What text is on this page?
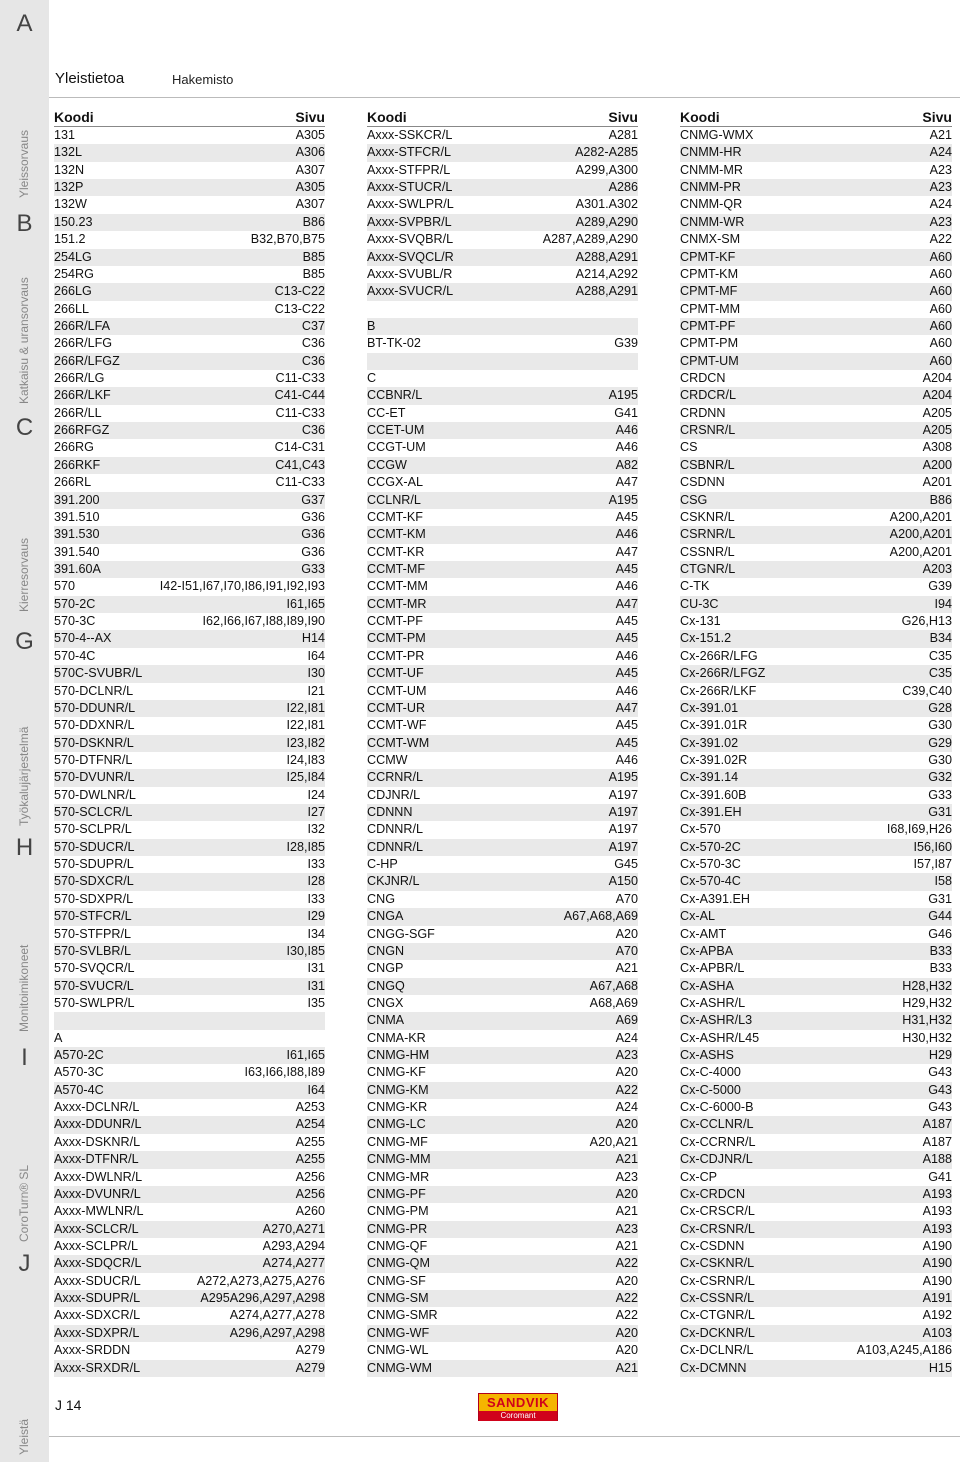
A
B
Yleissorvaus
C
Katkaisu & uransorvaus
G
Kierresorvaus
H
Työkalujärjestelmä
I
Monitoimikoneet
J
CoroTurn® SL
Yleistä
Yleistietoa	Hakemisto
Koodi	Sivu
131	A305
132L	A306
132N	A307
132P	A305
132W	A307
150.23	B86
151.2	B32,B70,B75
254LG	B85
254RG	B85
266LG	C13-C22
266LL	C13-C22
266R/LFA	C37
266R/LFG	C36
266R/LFGZ	C36
266R/LG	C11-C33
266R/LKF	C41-C44
266R/LL	C11-C33
266RFGZ	C36
266RG	C14-C31
266RKF	C41,C43
266RL	C11-C33
391.200	G37
391.510	G36
391.530	G36
391.540	G36
391.60A	G33
570	I42-I51,I67,I70,I86,I91,I92,I93
570-2C	I61,I65
570-3C	I62,I66,I67,I88,I89,I90
570-4--AX	H14
570-4C	I64
570C-SVUBR/L	I30
570-DCLNR/L	I21
570-DDUNR/L	I22,I81
570-DDXNR/L	I22,I81
570-DSKNR/L	I23,I82
570-DTFNR/L	I24,I83
570-DVUNR/L	I25,I84
570-DWLNR/L	I24
570-SCLCR/L	I27
570-SCLPR/L	I32
570-SDUCR/L	I28,I85
570-SDUPR/L	I33
570-SDXCR/L	I28
570-SDXPR/L	I33
570-STFCR/L	I29
570-STFPR/L	I34
570-SVLBR/L	I30,I85
570-SVQCR/L	I31
570-SVUCR/L	I31
570-SWLPR/L	I35
A
A570-2C	I61,I65
A570-3C	I63,I66,I88,I89
A570-4C	I64
Axxx-DCLNR/L	A253
Axxx-DDUNR/L	A254
Axxx-DSKNR/L	A255
Axxx-DTFNR/L	A255
Axxx-DWLNR/L	A256
Axxx-DVUNR/L	A256
Axxx-MWLNR/L	A260
Axxx-SCLCR/L	A270,A271
Axxx-SCLPR/L	A293,A294
Axxx-SDQCR/L	A274,A277
Axxx-SDUCR/L	A272,A273,A275,A276
Axxx-SDUPR/L	A295A296,A297,A298
Axxx-SDXCR/L	A274,A277,A278
Axxx-SDXPR/L	A296,A297,A298
Axxx-SRDDN	A279
Axxx-SRXDR/L	A279
Koodi	Sivu
Axxx-SSKCR/L	A281
Axxx-STFCR/L	A282-A285
Axxx-STFPR/L	A299,A300
Axxx-STUCR/L	A286
Axxx-SWLPR/L	A301.A302
Axxx-SVPBR/L	A289,A290
Axxx-SVQBR/L	A287,A289,A290
Axxx-SVQCL/R	A288,A291
Axxx-SVUBL/R	A214,A292
Axxx-SVUCR/L	A288,A291
B
BT-TK-02	G39
C
CCBNR/L	A195
CC-ET	G41
CCET-UM	A46
CCGT-UM	A46
CCGW	A82
CCGX-AL	A47
CCLNR/L	A195
CCMT-KF	A45
CCMT-KM	A46
CCMT-KR	A47
CCMT-MF	A45
CCMT-MM	A46
CCMT-MR	A47
CCMT-PF	A45
CCMT-PM	A45
CCMT-PR	A46
CCMT-UF	A45
CCMT-UM	A46
CCMT-UR	A47
CCMT-WF	A45
CCMT-WM	A45
CCMW	A46
CCRNR/L	A195
CDJNR/L	A197
CDNNN	A197
CDNNR/L	A197
CDNNR/L	A197
C-HP	G45
CKJNR/L	A150
CNG	A70
CNGA	A67,A68,A69
CNGG-SGF	A20
CNGN	A70
CNGP	A21
CNGQ	A67,A68
CNGX	A68,A69
CNMA	A69
CNMA-KR	A24
CNMG-HM	A23
CNMG-KF	A20
CNMG-KM	A22
CNMG-KR	A24
CNMG-LC	A20
CNMG-MF	A20,A21
CNMG-MM	A21
CNMG-MR	A23
CNMG-PF	A20
CNMG-PM	A21
CNMG-PR	A23
CNMG-QF	A21
CNMG-QM	A22
CNMG-SF	A20
CNMG-SM	A22
CNMG-SMR	A22
CNMG-WF	A20
CNMG-WL	A20
CNMG-WM	A21
Koodi	Sivu
CNMG-WMX	A21
CNMM-HR	A24
CNMM-MR	A23
CNMM-PR	A23
CNMM-QR	A24
CNMM-WR	A23
CNMX-SM	A22
CPMT-KF	A60
CPMT-KM	A60
CPMT-MF	A60
CPMT-MM	A60
CPMT-PF	A60
CPMT-PM	A60
CPMT-UM	A60
CRDCN	A204
CRDCR/L	A204
CRDNN	A205
CRSNR/L	A205
CS	A308
CSBNR/L	A200
CSDNN	A201
CSG	B86
CSKNR/L	A200,A201
CSRNR/L	A200,A201
CSSNR/L	A200,A201
CTGNR/L	A203
C-TK	G39
CU-3C	I94
Cx-131	G26,H13
Cx-151.2	B34
Cx-266R/LFG	C35
Cx-266R/LFGZ	C35
Cx-266R/LKF	C39,C40
Cx-391.01	G28
Cx-391.01R	G30
Cx-391.02	G29
Cx-391.02R	G30
Cx-391.14	G32
Cx-391.60B	G33
Cx-391.EH	G31
Cx-570	I68,I69,H26
Cx-570-2C	I56,I60
Cx-570-3C	I57,I87
Cx-570-4C	I58
Cx-A391.EH	G31
Cx-AL	G44
Cx-AMT	G46
Cx-APBA	B33
Cx-APBR/L	B33
Cx-ASHA	H28,H32
Cx-ASHR/L	H29,H32
Cx-ASHR/L3	H31,H32
Cx-ASHR/L45	H30,H32
Cx-ASHS	H29
Cx-C-4000	G43
Cx-C-5000	G43
Cx-C-6000-B	G43
Cx-CCLNR/L	A187
Cx-CCRNR/L	A187
Cx-CDJNR/L	A188
Cx-CP	G41
Cx-CRDCN	A193
Cx-CRSCR/L	A193
Cx-CRSNR/L	A193
Cx-CSDNN	A190
Cx-CSKNR/L	A190
Cx-CSRNR/L	A190
Cx-CSSNR/L	A191
Cx-CTGNR/L	A192
Cx-DCKNR/L	A103
Cx-DCLNR/L	A103,A245,A186
Cx-DCMNN	H15
J 14	SANDVIK
Coromant
